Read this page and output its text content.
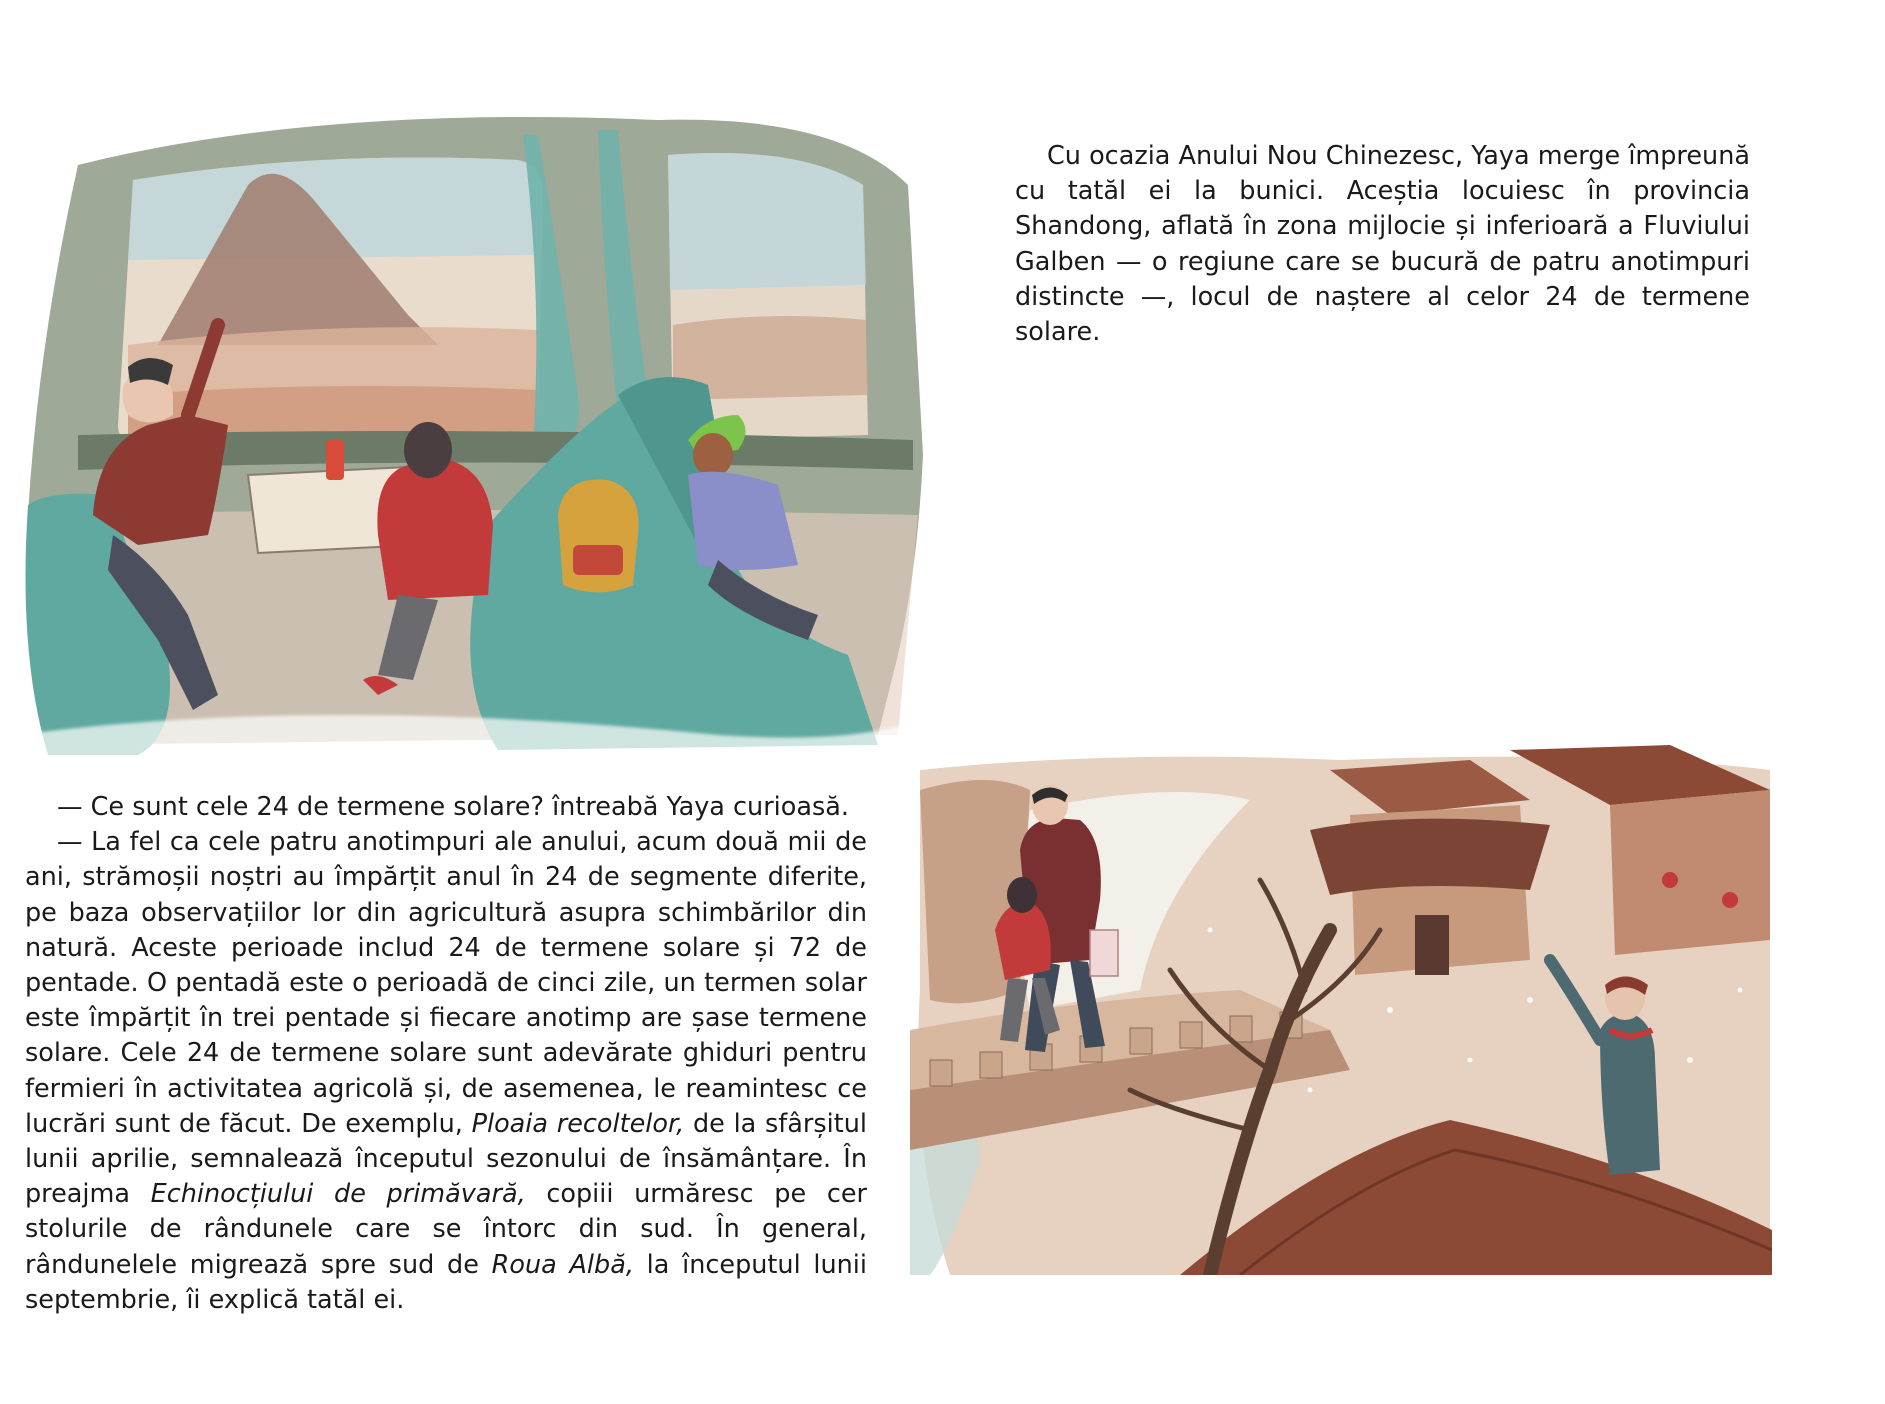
Cu ocazia Anului Nou Chinezesc, Yaya merge împreună cu tatăl ei la bunici. Aceștia locuiesc în provincia Shandong, aflată în zona mijlocie și inferioară a Fluviului Galben — o regiune care se bucură de patru anotimpuri distincte —, locul de naștere al celor 24 de termene solare.

— Ce sunt cele 24 de termene solare? întreabă Yaya curioasă.

— La fel ca cele patru anotimpuri ale anului, acum două mii de ani, strămoșii noștri au împărțit anul în 24 de segmente diferite, pe baza observațiilor lor din agricultură asupra schimbărilor din natură. Aceste perioade includ 24 de termene solare și 72 de pentade. O pentadă este o perioadă de cinci zile, un termen solar este împărțit în trei pentade și fiecare anotimp are șase termene solare. Cele 24 de termene solare sunt adevărate ghiduri pentru fermieri în activitatea agricolă și, de asemenea, le reamintesc ce lucrări sunt de făcut. De exemplu, Ploaia recoltelor, de la sfârșitul lunii aprilie, semnalează începutul sezonului de însămânțare. În preajma Echinocțiului de primăvară, copiii urmăresc pe cer stolurile de rândunele care se întorc din sud. În general, rândunelele migrează spre sud de Roua Albă, la începutul lunii septembrie, îi explică tatăl ei.
